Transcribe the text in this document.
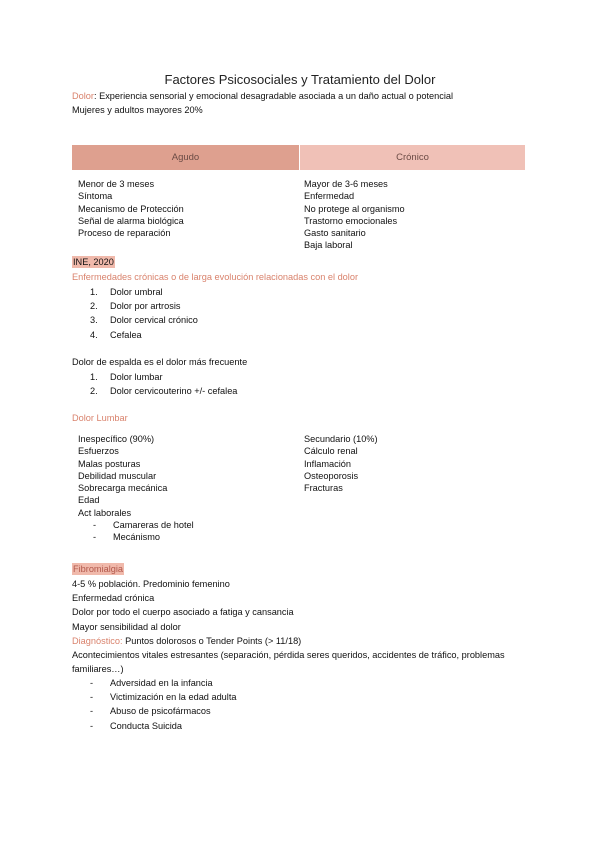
Factores Psicosociales y Tratamiento del Dolor
Dolor: Experiencia sensorial y emocional desagradable asociada a un daño actual o potencial
Mujeres y adultos mayores 20%
Agudo	Crónico
Menor de 3 meses
Síntoma
Mecanismo de Protección
Señal de alarma biológica
Proceso de reparación
Mayor de 3-6 meses
Enfermedad
No protege al organismo
Trastorno emocionales
Gasto sanitario
Baja laboral
INE, 2020
Enfermedades crónicas o de larga evolución relacionadas con el dolor
1. Dolor umbral
2. Dolor por artrosis
3. Dolor cervical crónico
4. Cefalea
Dolor de espalda es el dolor más frecuente
1. Dolor lumbar
2. Dolor cervicouterino +/- cefalea
Dolor Lumbar
Inespecífico (90%)
Esfuerzos
Malas posturas
Debilidad muscular
Sobrecarga mecánica
Edad
Act laborales
- Camareras de hotel
- Mecánismo
Secundario (10%)
Cálculo renal
Inflamación
Osteoporosis
Fracturas
Fibromialgia
4-5 % población. Predominio femenino
Enfermedad crónica
Dolor por todo el cuerpo asociado a fatiga y cansancia
Mayor sensibilidad al dolor
Diagnóstico: Puntos dolorosos o Tender Points (> 11/18)
Acontecimientos vitales estresantes (separación, pérdida seres queridos, accidentes de tráfico, problemas
familiares…)
- Adversidad en la infancia
- Victimización en la edad adulta
- Abuso de psicofármacos
- Conducta Suicida
